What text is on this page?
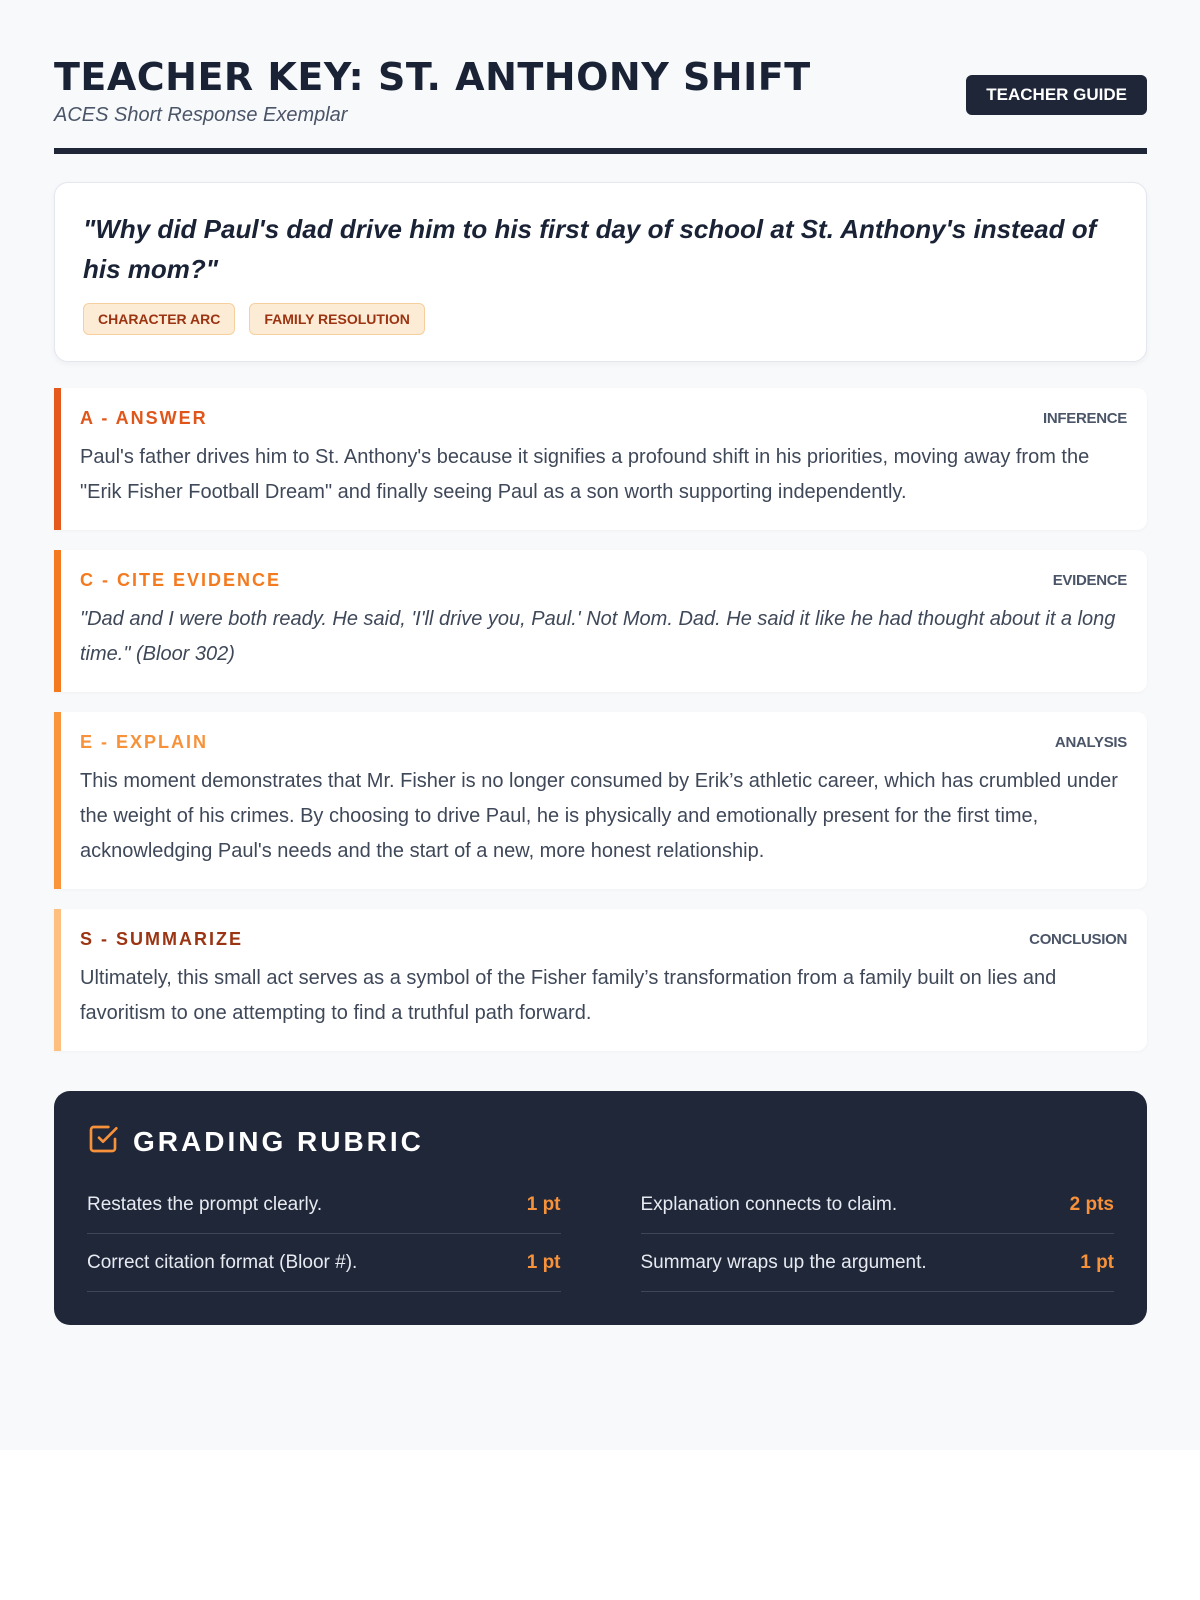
TEACHER KEY: ST. ANTHONY SHIFT
ACES Short Response Exemplar
TEACHER GUIDE
"Why did Paul's dad drive him to his first day of school at St. Anthony's instead of his mom?"
CHARACTER ARC	FAMILY RESOLUTION
A - ANSWER	INFERENCE
Paul's father drives him to St. Anthony's because it signifies a profound shift in his priorities, moving away from the "Erik Fisher Football Dream" and finally seeing Paul as a son worth supporting independently.
C - CITE EVIDENCE	EVIDENCE
"Dad and I were both ready. He said, 'I'll drive you, Paul.' Not Mom. Dad. He said it like he had thought about it a long time." (Bloor 302)
E - EXPLAIN	ANALYSIS
This moment demonstrates that Mr. Fisher is no longer consumed by Erik’s athletic career, which has crumbled under the weight of his crimes. By choosing to drive Paul, he is physically and emotionally present for the first time, acknowledging Paul's needs and the start of a new, more honest relationship.
S - SUMMARIZE	CONCLUSION
Ultimately, this small act serves as a symbol of the Fisher family’s transformation from a family built on lies and favoritism to one attempting to find a truthful path forward.
GRADING RUBRIC
Restates the prompt clearly.	1 pt	Explanation connects to claim.	2 pts
Correct citation format (Bloor #).	1 pt	Summary wraps up the argument.	1 pt
